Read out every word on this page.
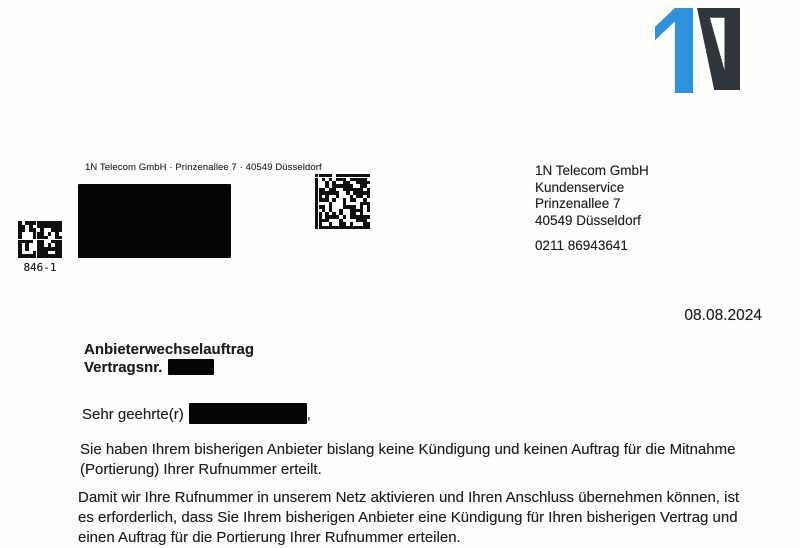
1N Telecom GmbH · Prinzenallee 7 · 40549 Düsseldorf
846-1
1N Telecom GmbH
Kundenservice
Prinzenallee 7
40549 Düsseldorf
0211 86943641
08.08.2024
Anbieterwechselauftrag
Vertragsnr.
Sehr geehrte(r)	,
Sie haben Ihrem bisherigen Anbieter bislang keine Kündigung und keinen Auftrag für die Mitnahme
(Portierung) Ihrer Rufnummer erteilt.
Damit wir Ihre Rufnummer in unserem Netz aktivieren und Ihren Anschluss übernehmen können, ist
es erforderlich, dass Sie Ihrem bisherigen Anbieter eine Kündigung für Ihren bisherigen Vertrag und
einen Auftrag für die Portierung Ihrer Rufnummer erteilen.
